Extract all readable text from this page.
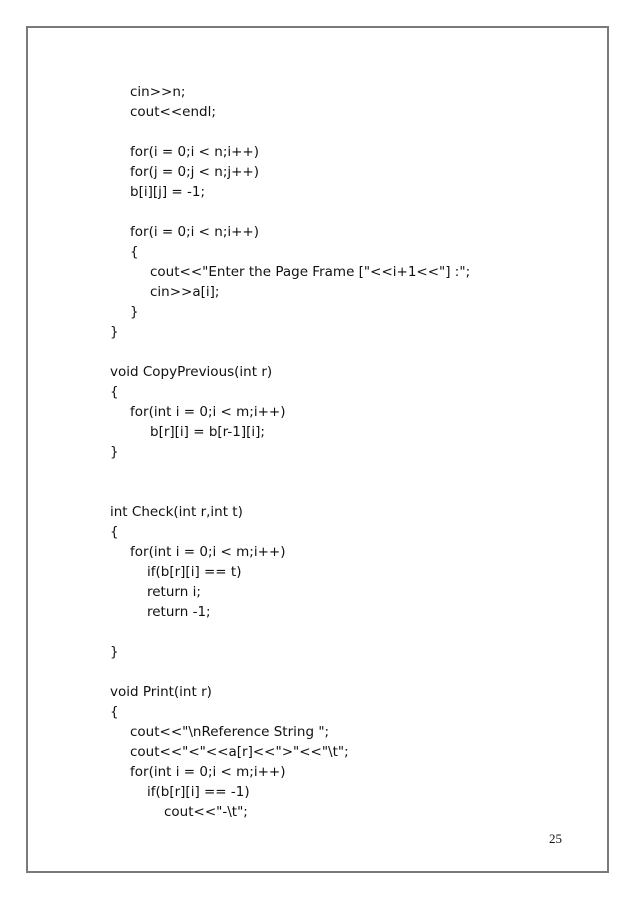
cin>>n;
cout<<endl;
for(i = 0;i < n;i++)
for(j = 0;j < n;j++)
b[i][j] = -1;
for(i = 0;i < n;i++)
{
cout<<"Enter the Page Frame ["<<i+1<<"] :";
cin>>a[i];
}
}
void CopyPrevious(int r)
{
for(int i = 0;i < m;i++)
b[r][i] = b[r-1][i];
}
int Check(int r,int t)
{
for(int i = 0;i < m;i++)
if(b[r][i] == t)
return i;
return -1;
}
void Print(int r)
{
cout<<"\nReference String ";
cout<<"<"<<a[r]<<">"<<"\t";
for(int i = 0;i < m;i++)
if(b[r][i] == -1)
cout<<"-\t";
25
